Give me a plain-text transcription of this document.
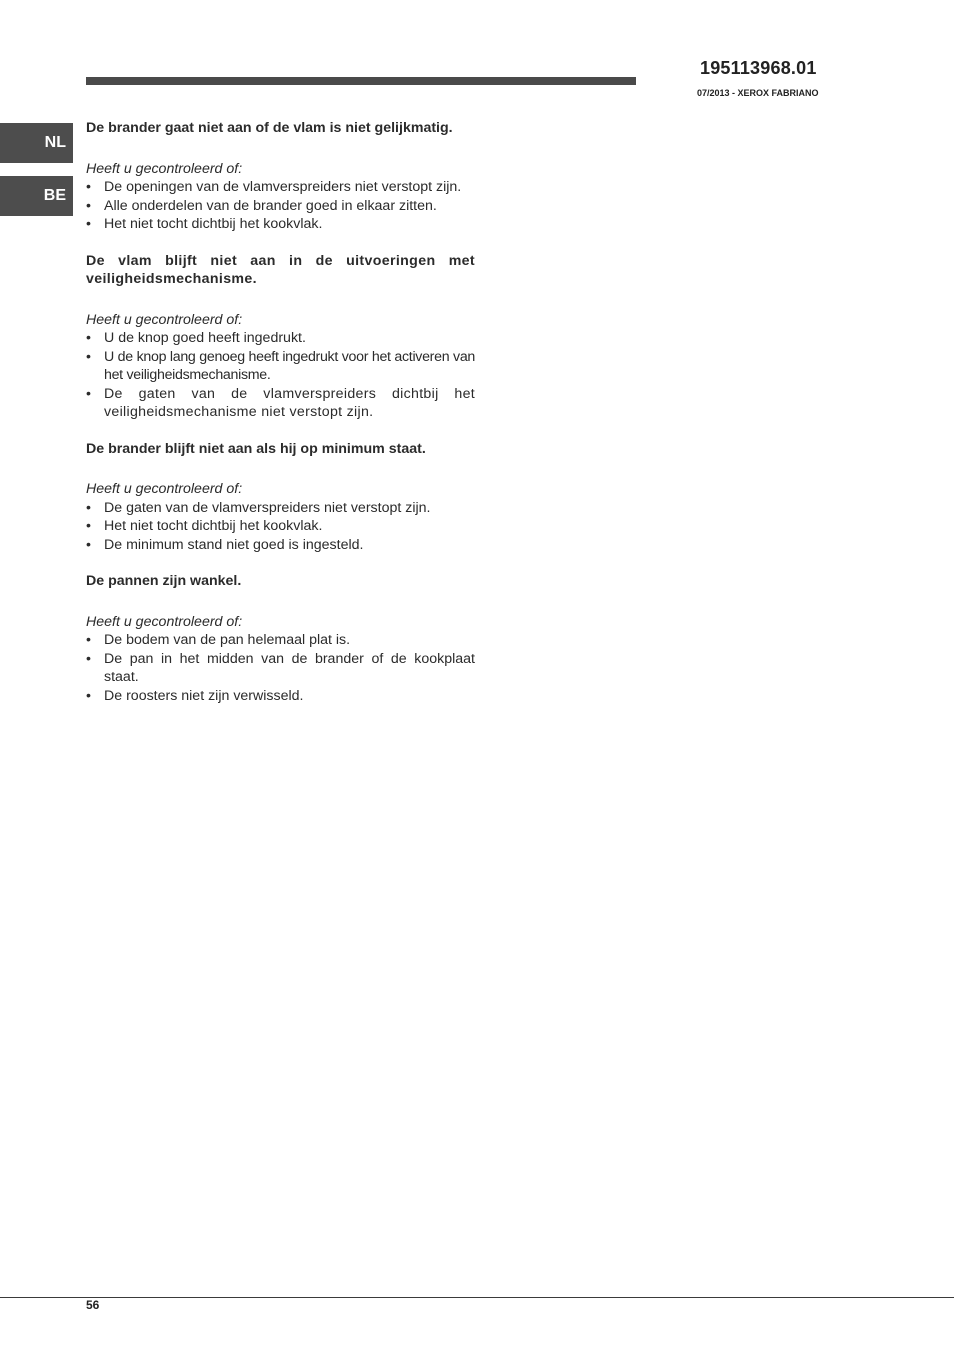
195113968.01
07/2013 - XEROX FABRIANO
NL
BE

De brander gaat niet aan of de vlam is niet gelijkmatig.

Heeft u gecontroleerd of:

• De openingen van de vlamverspreiders niet verstopt zijn.
• Alle onderdelen van de brander goed in elkaar zitten.
• Het niet tocht dichtbij het kookvlak.

De vlam blijft niet aan in de uitvoeringen met veiligheidsmechanisme.

Heeft u gecontroleerd of:

• U de knop goed heeft ingedrukt.
• U de knop lang genoeg heeft ingedrukt voor het activeren van het veiligheidsmechanisme.
• De gaten van de vlamverspreiders dichtbij het veiligheidsmechanisme niet verstopt zijn.

De brander blijft niet aan als hij op minimum staat.

Heeft u gecontroleerd of:

• De gaten van de vlamverspreiders niet verstopt zijn.
• Het niet tocht dichtbij het kookvlak.
• De minimum stand niet goed is ingesteld.

De pannen zijn wankel.

Heeft u gecontroleerd of:

• De bodem van de pan helemaal plat is.
• De pan in het midden van de brander of de kookplaat staat.
• De roosters niet zijn verwisseld.
56
